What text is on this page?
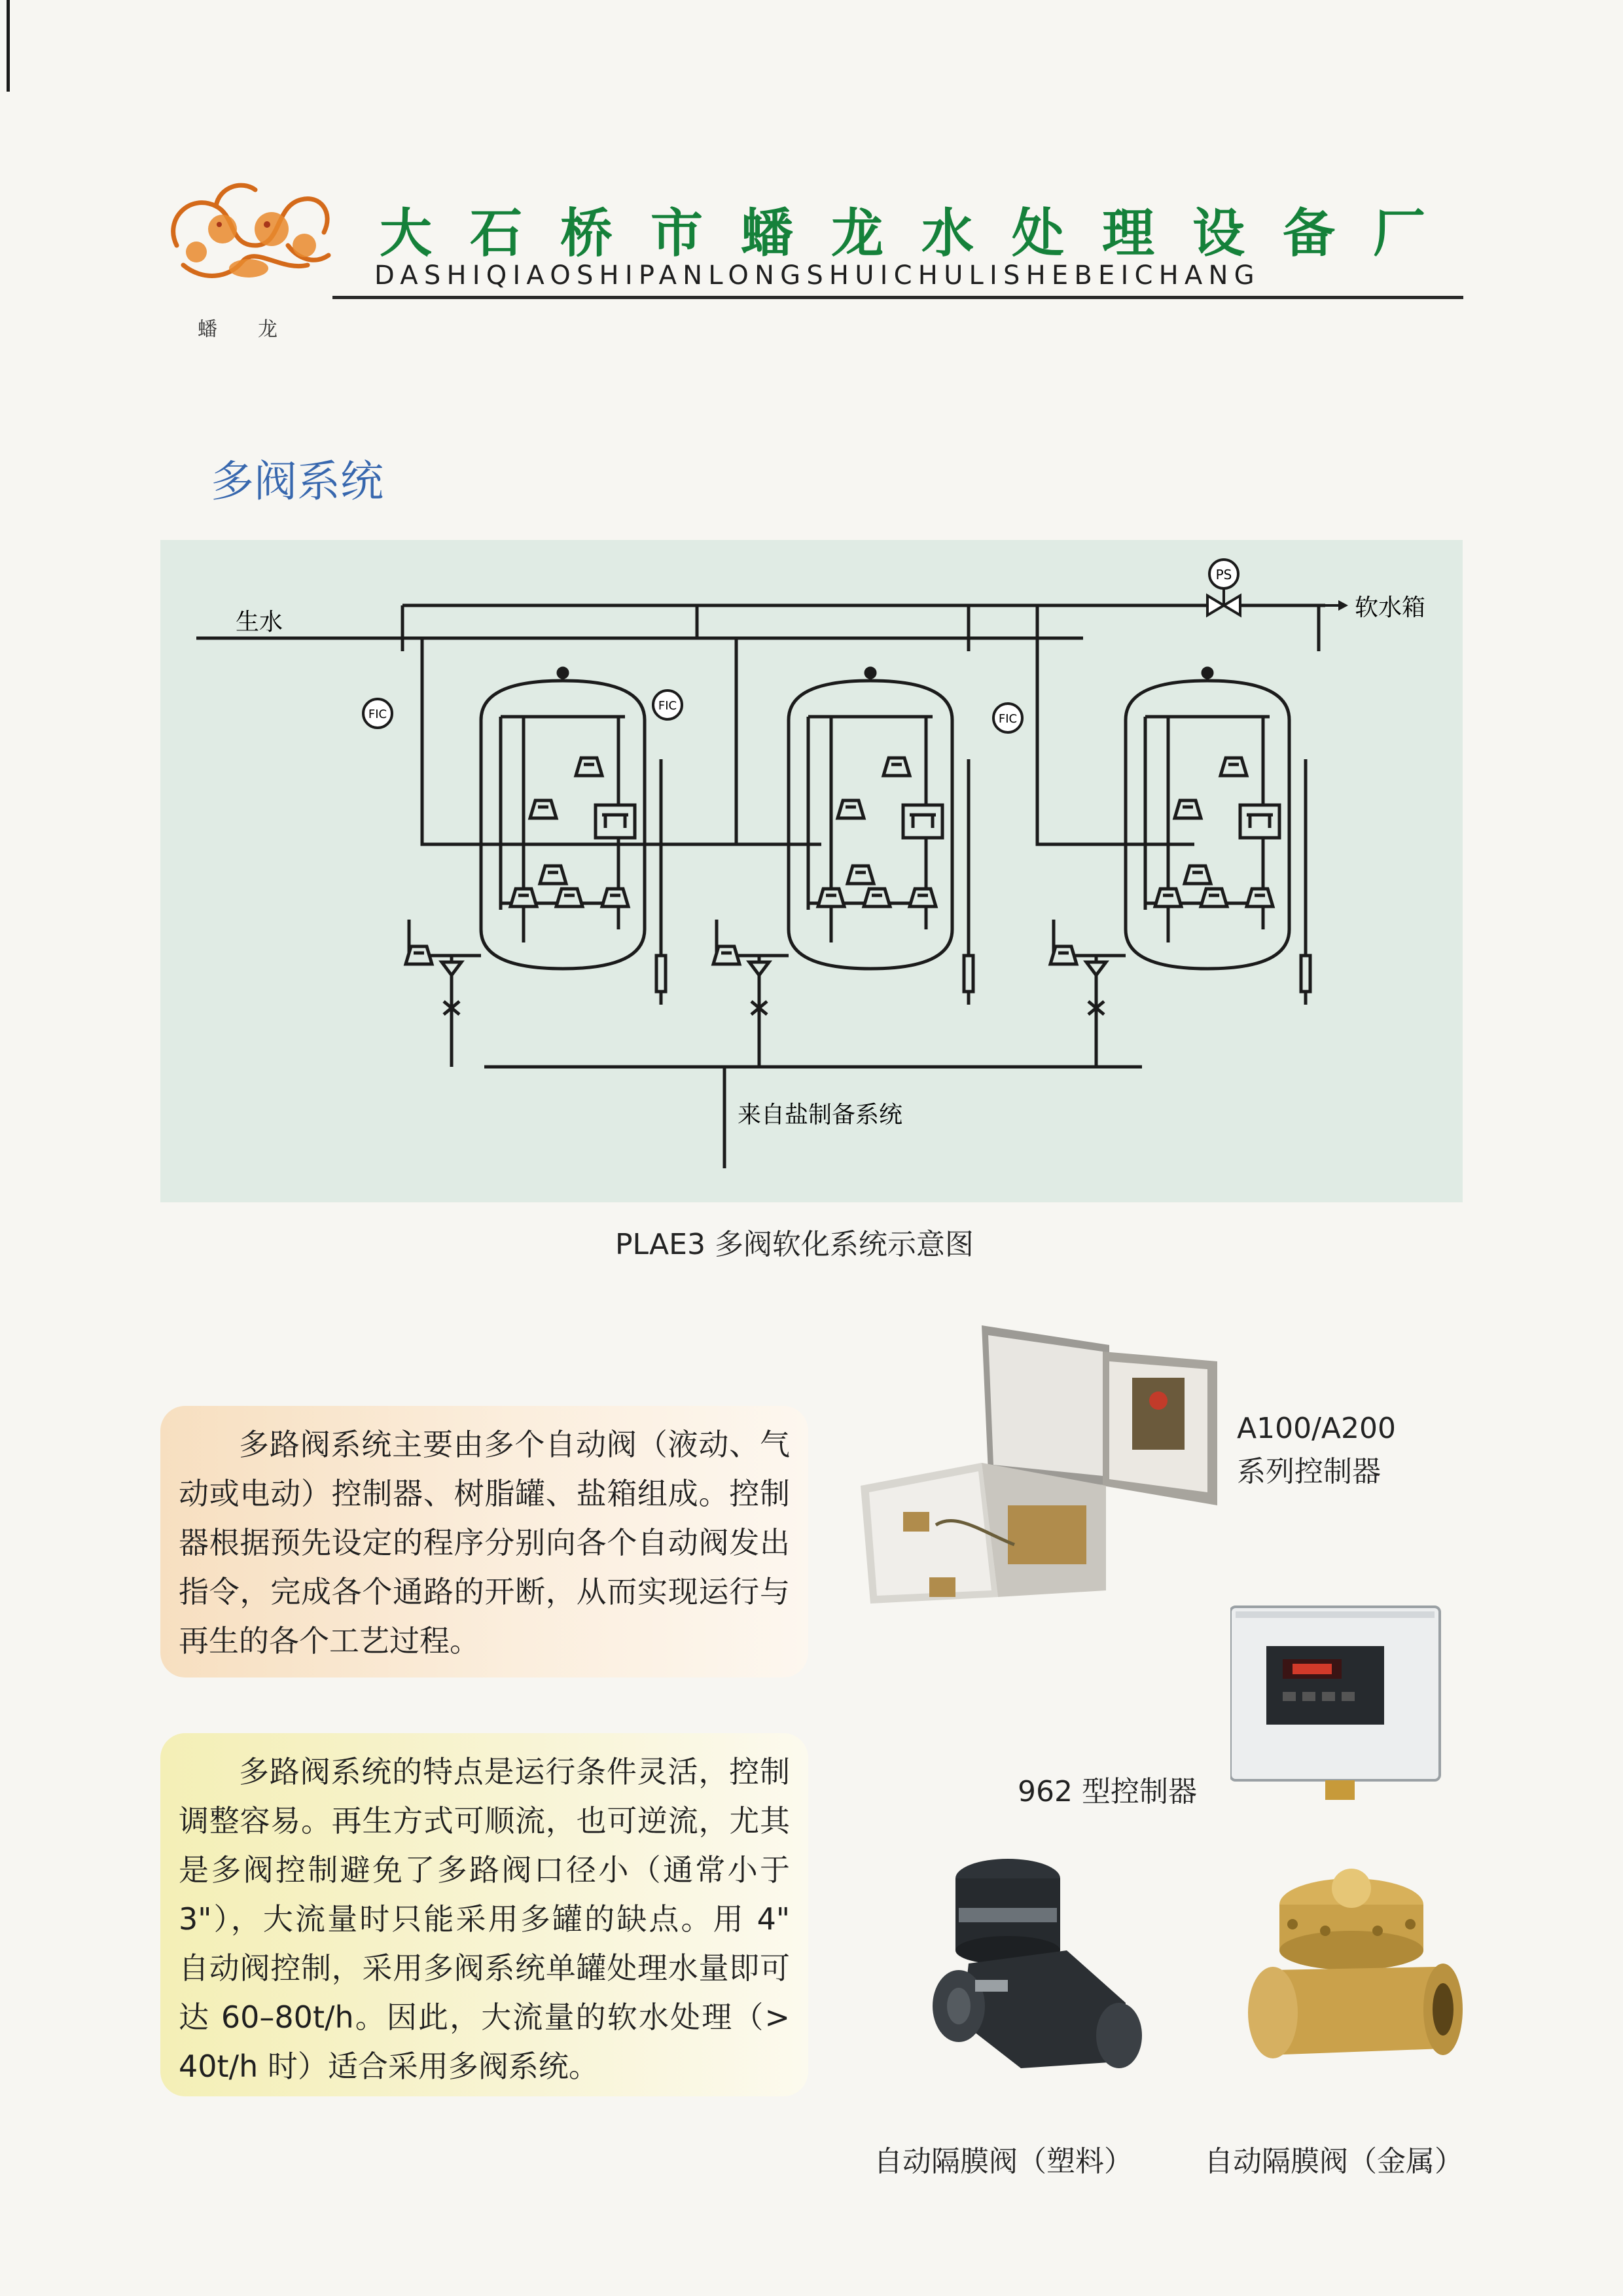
蟠龙
大石桥市蟠龙水处理设备厂
DASHIQIAOSHIPANLONGSHUICHULISHEBEICHANG
多阀系统
PS
软水箱
生水
来自盐制备系统
FIC
FIC
FIC
PLAE3 多阀软化系统示意图

多路阀系统主要由多个自动阀（液动、气动或电动）控制器、树脂罐、盐箱组成。控制器根据预先设定的程序分别向各个自动阀发出指令，完成各个通路的开断，从而实现运行与再生的各个工艺过程。

多路阀系统的特点是运行条件灵活，控制调整容易。再生方式可顺流，也可逆流，尤其是多阀控制避免了多路阀口径小（通常小于 3"），大流量时只能采用多罐的缺点。用 4" 自动阀控制，采用多阀系统单罐处理水量即可达 60–80t/h。因此，大流量的软水处理（> 40t/h 时）适合采用多阀系统。

A100/A200
系列控制器
962 型控制器
自动隔膜阀（塑料） 自动隔膜阀（金属）
